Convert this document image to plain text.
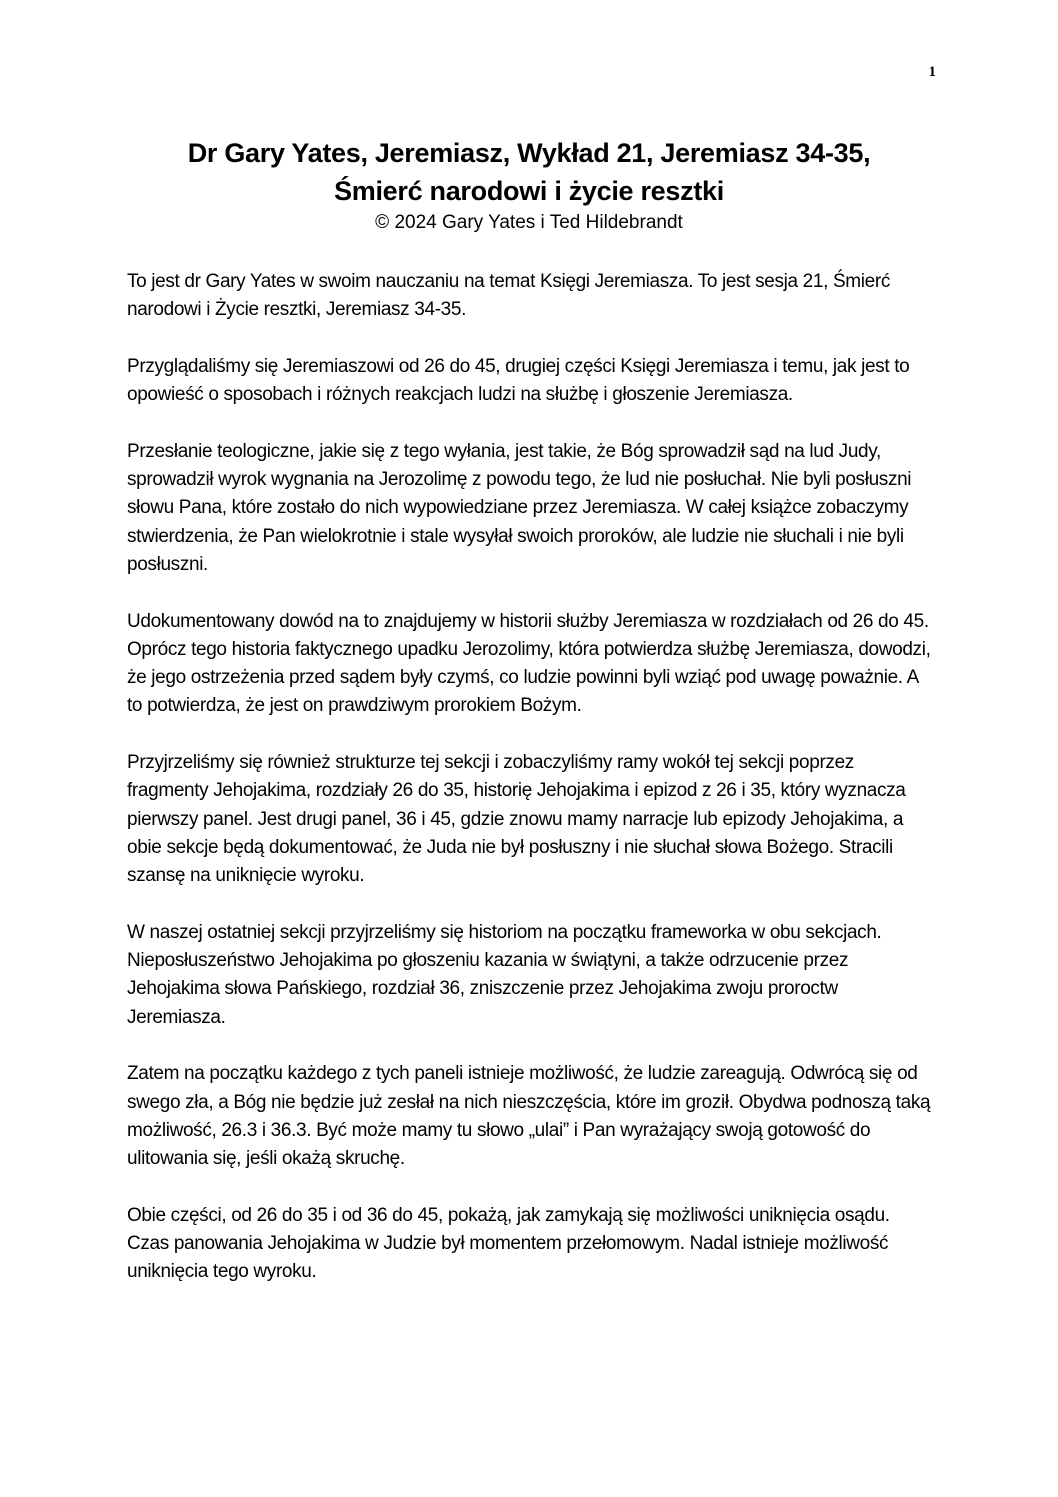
1
Dr Gary Yates, Jeremiasz, Wykład 21, Jeremiasz 34-35,
Śmierć narodowi i życie resztki
© 2024 Gary Yates i Ted Hildebrandt

To jest dr Gary Yates w swoim nauczaniu na temat Księgi Jeremiasza. To jest sesja 21, Śmierć narodowi i Życie resztki, Jeremiasz 34-35.

Przyglądaliśmy się Jeremiaszowi od 26 do 45, drugiej części Księgi Jeremiasza i temu, jak jest to opowieść o sposobach i różnych reakcjach ludzi na służbę i głoszenie Jeremiasza.

Przesłanie teologiczne, jakie się z tego wyłania, jest takie, że Bóg sprowadził sąd na lud Judy, sprowadził wyrok wygnania na Jerozolimę z powodu tego, że lud nie posłuchał. Nie byli posłuszni słowu Pana, które zostało do nich wypowiedziane przez Jeremiasza. W całej książce zobaczymy stwierdzenia, że Pan wielokrotnie i stale wysyłał swoich proroków, ale ludzie nie słuchali i nie byli posłuszni.

Udokumentowany dowód na to znajdujemy w historii służby Jeremiasza w rozdziałach od 26 do 45. Oprócz tego historia faktycznego upadku Jerozolimy, która potwierdza służbę Jeremiasza, dowodzi, że jego ostrzeżenia przed sądem były czymś, co ludzie powinni byli wziąć pod uwagę poważnie. A to potwierdza, że jest on prawdziwym prorokiem Bożym.

Przyjrzeliśmy się również strukturze tej sekcji i zobaczyliśmy ramy wokół tej sekcji poprzez fragmenty Jehojakima, rozdziały 26 do 35, historię Jehojakima i epizod z 26 i 35, który wyznacza pierwszy panel. Jest drugi panel, 36 i 45, gdzie znowu mamy narracje lub epizody Jehojakima, a obie sekcje będą dokumentować, że Juda nie był posłuszny i nie słuchał słowa Bożego. Stracili szansę na uniknięcie wyroku.

W naszej ostatniej sekcji przyjrzeliśmy się historiom na początku frameworka w obu sekcjach. Nieposłuszeństwo Jehojakima po głoszeniu kazania w świątyni, a także odrzucenie przez Jehojakima słowa Pańskiego, rozdział 36, zniszczenie przez Jehojakima zwoju proroctw Jeremiasza.

Zatem na początku każdego z tych paneli istnieje możliwość, że ludzie zareagują. Odwrócą się od swego zła, a Bóg nie będzie już zesłał na nich nieszczęścia, które im groził. Obydwa podnoszą taką możliwość, 26.3 i 36.3. Być może mamy tu słowo „ulai” i Pan wyrażający swoją gotowość do ulitowania się, jeśli okażą skruchę.

Obie części, od 26 do 35 i od 36 do 45, pokażą, jak zamykają się możliwości uniknięcia osądu. Czas panowania Jehojakima w Judzie był momentem przełomowym. Nadal istnieje możliwość uniknięcia tego wyroku.
